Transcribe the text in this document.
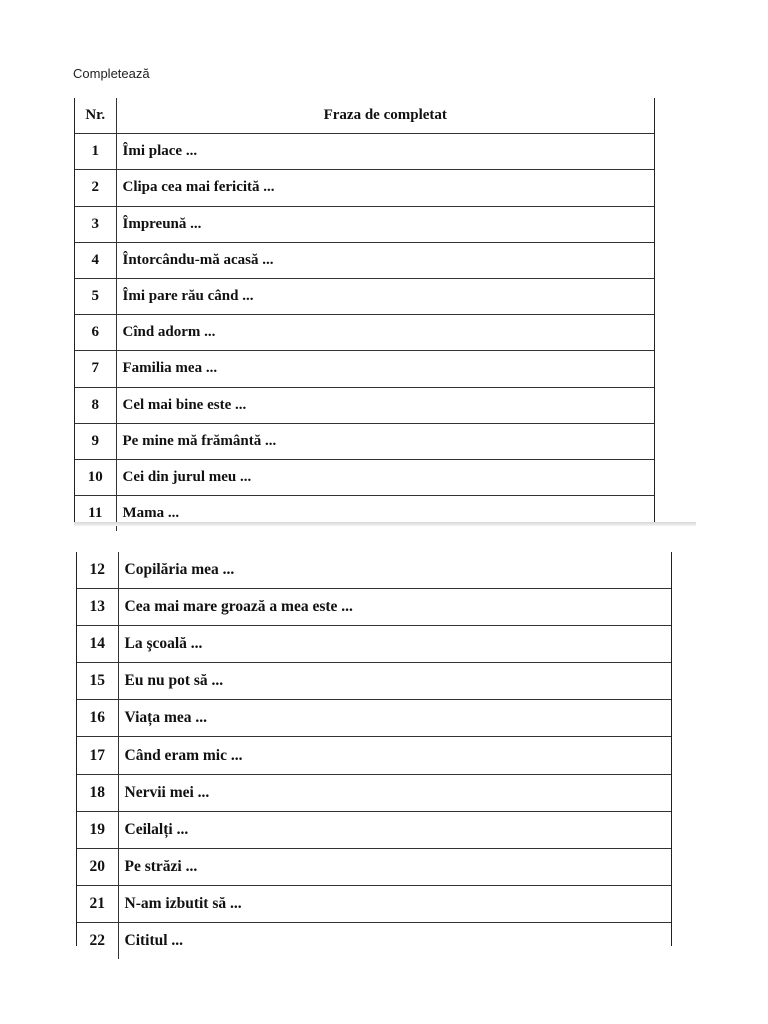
Completează
Nr.	Fraza de completat
1	Îmi place ...
2	Clipa cea mai fericită ...
3	Împreună ...
4	Întorcându-mă acasă ...
5	Îmi pare rău când ...
6	Cînd adorm ...
7	Familia mea ...
8	Cel mai bine este ...
9	Pe mine mă frământă ...
10	Cei din jurul meu ...
11	Mama ...
12	Copilăria mea ...
13	Cea mai mare groază a mea este ...
14	La şcoală ...
15	Eu nu pot să ...
16	Viața mea ...
17	Când eram mic ...
18	Nervii mei ...
19	Ceilalți ...
20	Pe străzi ...
21	N-am izbutit să ...
22	Cititul ...
